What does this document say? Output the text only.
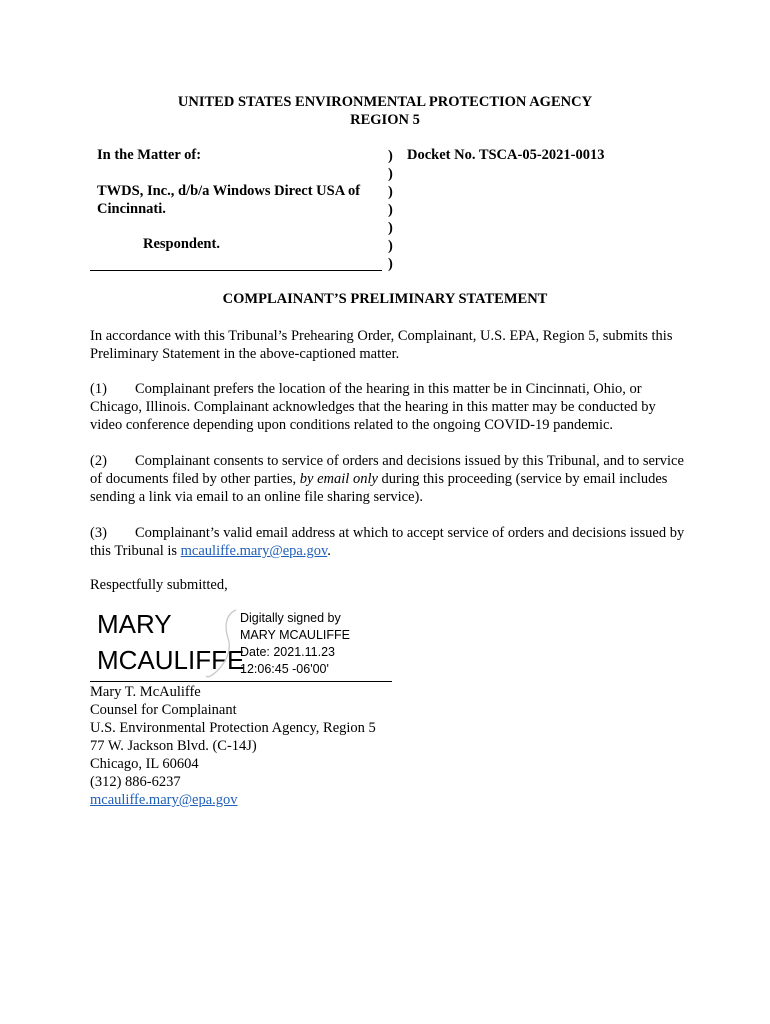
UNITED STATES ENVIRONMENTAL PROTECTION AGENCY
REGION 5
In the Matter of:
TWDS, Inc., d/b/a Windows Direct USA of
Cincinnati.
Respondent.
)
)
)
)
)
)
)
Docket No. TSCA-05-2021-0013
COMPLAINANT’S PRELIMINARY STATEMENT
In accordance with this Tribunal’s Prehearing Order, Complainant, U.S. EPA, Region 5, submits this Preliminary Statement in the above-captioned matter.
(1) Complainant prefers the location of the hearing in this matter be in Cincinnati, Ohio, or Chicago, Illinois. Complainant acknowledges that the hearing in this matter may be conducted by video conference depending upon conditions related to the ongoing COVID-19 pandemic.
(2) Complainant consents to service of orders and decisions issued by this Tribunal, and to service of documents filed by other parties, by email only during this proceeding (service by email includes sending a link via email to an online file sharing service).
(3) Complainant’s valid email address at which to accept service of orders and decisions issued by this Tribunal is mcauliffe.mary@epa.gov.
Respectfully submitted,
MARY
MCAULIFFE
Digitally signed by
MARY MCAULIFFE
Date: 2021.11.23
12:06:45 -06'00'
Mary T. McAuliffe
Counsel for Complainant
U.S. Environmental Protection Agency, Region 5
77 W. Jackson Blvd. (C-14J)
Chicago, IL 60604
(312) 886-6237
mcauliffe.mary@epa.gov
